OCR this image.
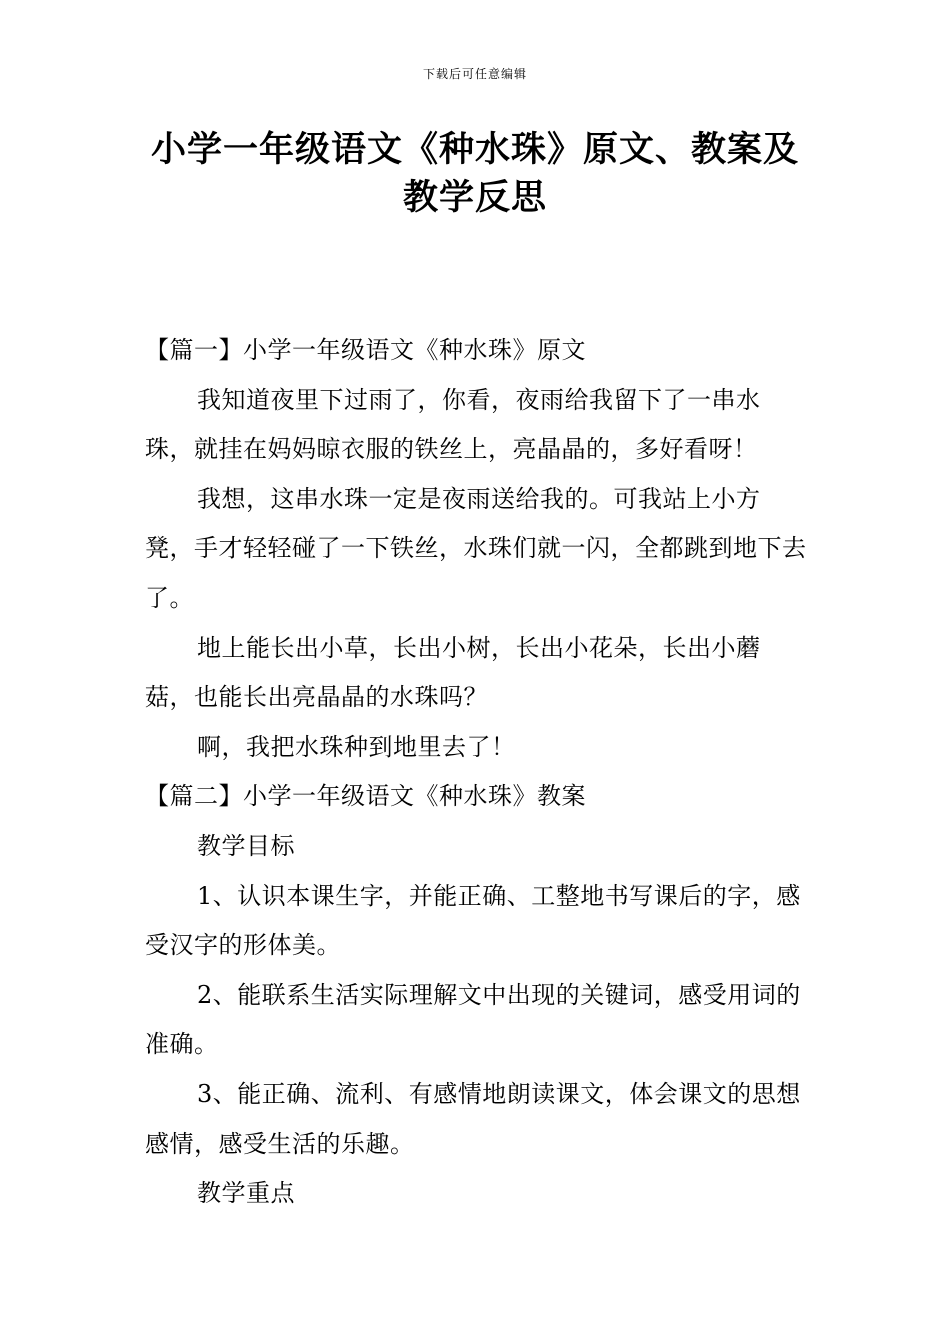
下载后可任意编辑
小学一年级语文《种水珠》原文、教案及
教学反思

【篇一】小学一年级语文《种水珠》原文

我知道夜里下过雨了，你看，夜雨给我留下了一串水珠，就挂在妈妈晾衣服的铁丝上，亮晶晶的，多好看呀！

我想，这串水珠一定是夜雨送给我的。可我站上小方凳，手才轻轻碰了一下铁丝，水珠们就一闪，全都跳到地下去了。

地上能长出小草，长出小树，长出小花朵，长出小蘑菇，也能长出亮晶晶的水珠吗？

啊，我把水珠种到地里去了！

【篇二】小学一年级语文《种水珠》教案

教学目标

1、认识本课生字，并能正确、工整地书写课后的字，感受汉字的形体美。

2、能联系生活实际理解文中出现的关键词，感受用词的准确。

3、能正确、流利、有感情地朗读课文，体会课文的思想感情，感受生活的乐趣。

教学重点
